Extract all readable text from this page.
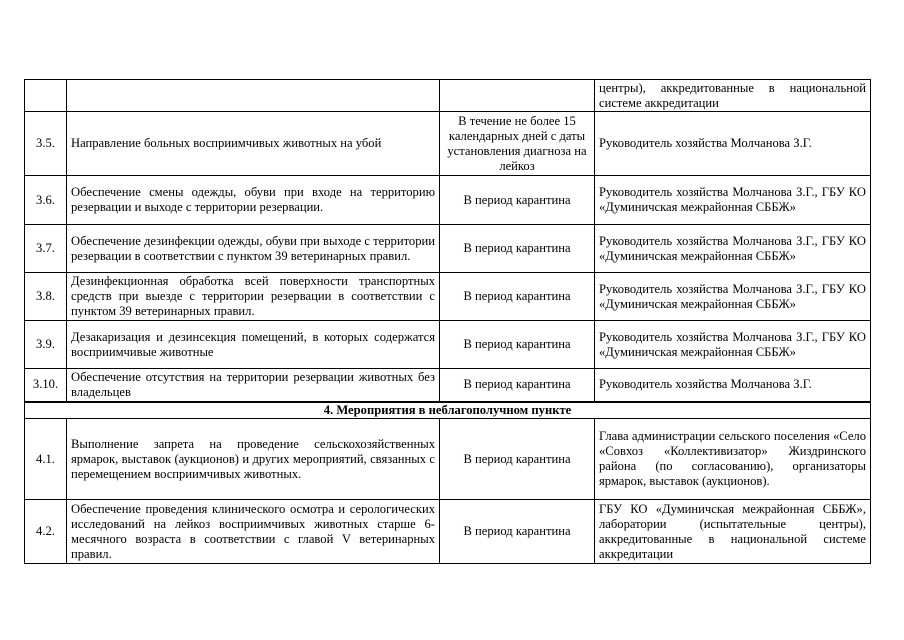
			центры), аккредитованные в национальной системе аккредитации
3.5.	Направление больных восприимчивых животных на убой	В течение не более 15 календарных дней с даты установления диагноза на лейкоз	Руководитель хозяйства Молчанова З.Г.
3.6.	Обеспечение смены одежды, обуви при входе на территорию резервации и выходе с территории резервации.	В период карантина	Руководитель хозяйства Молчанова З.Г., ГБУ КО «Думиничская межрайонная СББЖ»
3.7.	Обеспечение дезинфекции одежды, обуви при выходе с территории резервации в соответствии с пунктом 39 ветеринарных правил.	В период карантина	Руководитель хозяйства Молчанова З.Г., ГБУ КО «Думиничская межрайонная СББЖ»
3.8.	Дезинфекционная обработка всей поверхности транспортных средств при выезде с территории резервации в соответствии с пунктом 39 ветеринарных правил.	В период карантина	Руководитель хозяйства Молчанова З.Г., ГБУ КО «Думиничская межрайонная СББЖ»
3.9.	Дезакаризация и дезинсекция помещений, в которых содержатся восприимчивые животные	В период карантина	Руководитель хозяйства Молчанова З.Г., ГБУ КО «Думиничская межрайонная СББЖ»
3.10.	Обеспечение отсутствия на территории резервации животных без владельцев	В период карантина	Руководитель хозяйства Молчанова З.Г.
4. Мероприятия в неблагополучном пункте			
4.1.	Выполнение запрета на проведение сельскохозяйственных ярмарок, выставок (аукционов) и других мероприятий, связанных с перемещением восприимчивых животных.	В период карантина	Глава администрации сельского поселения «Село «Совхоз «Коллективизатор» Жиздринского района (по согласованию), организаторы ярмарок, выставок (аукционов).
4.2.	Обеспечение проведения клинического осмотра и серологических исследований на лейкоз восприимчивых животных старше 6-месячного возраста в соответствии с главой V ветеринарных правил.	В период карантина	ГБУ КО «Думиничская межрайонная СББЖ», лаборатории (испытательные центры), аккредитованные в национальной системе аккредитации
